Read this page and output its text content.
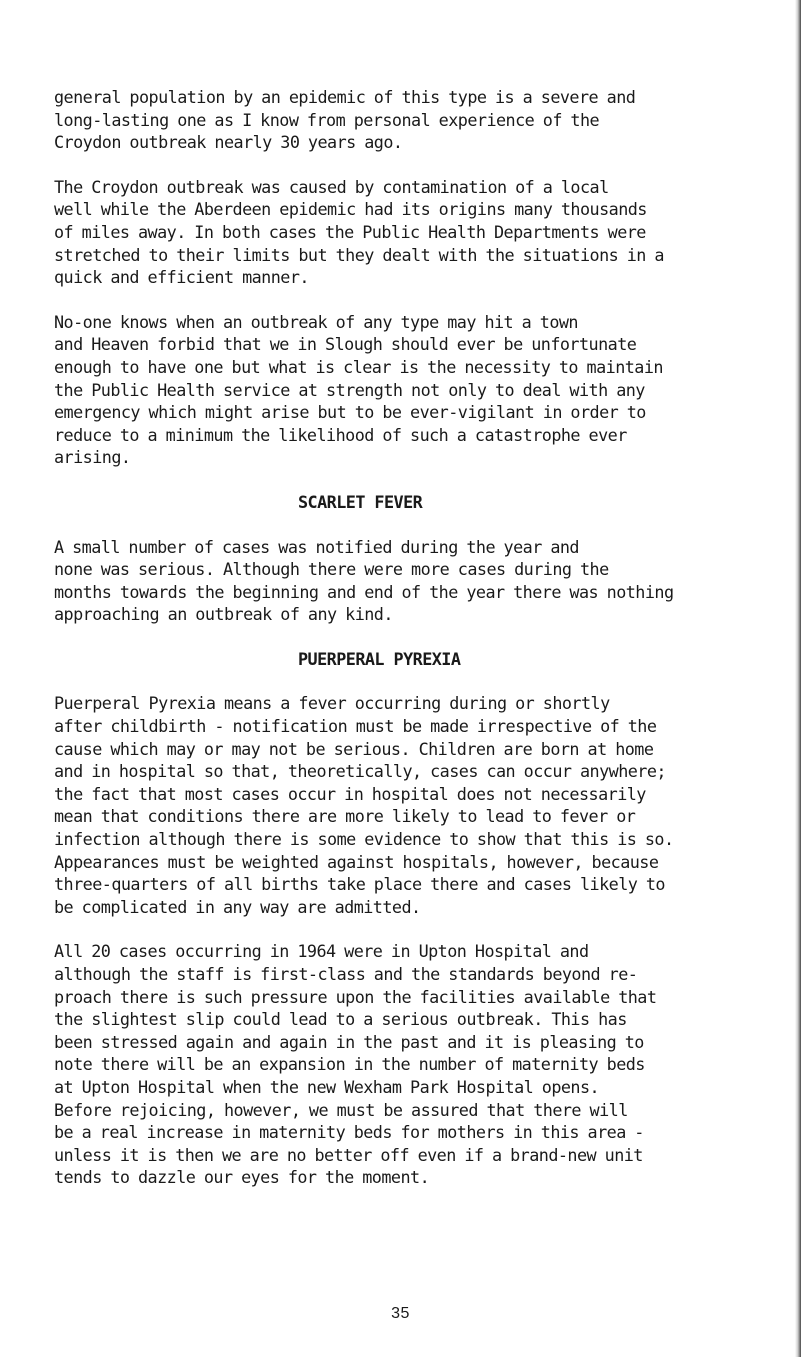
general population by an epidemic of this type is a severe and
long-lasting one as I know from personal experience of the
Croydon outbreak nearly 30 years ago.

The Croydon outbreak was caused by contamination of a local
well while the Aberdeen epidemic had its origins many thousands
of miles away. In both cases the Public Health Departments were
stretched to their limits but they dealt with the situations in a
quick and efficient manner.

No-one knows when an outbreak of any type may hit a town
and Heaven forbid that we in Slough should ever be unfortunate
enough to have one but what is clear is the necessity to maintain
the Public Health service at strength not only to deal with any
emergency which might arise but to be ever-vigilant in order to
reduce to a minimum the likelihood of such a catastrophe ever
arising.

SCARLET FEVER

A small number of cases was notified during the year and
none was serious. Although there were more cases during the
months towards the beginning and end of the year there was nothing
approaching an outbreak of any kind.

PUERPERAL PYREXIA

Puerperal Pyrexia means a fever occurring during or shortly
after childbirth - notification must be made irrespective of the
cause which may or may not be serious. Children are born at home
and in hospital so that, theoretically, cases can occur anywhere;
the fact that most cases occur in hospital does not necessarily
mean that conditions there are more likely to lead to fever or
infection although there is some evidence to show that this is so.
Appearances must be weighted against hospitals, however, because
three-quarters of all births take place there and cases likely to
be complicated in any way are admitted.

All 20 cases occurring in 1964 were in Upton Hospital and
although the staff is first-class and the standards beyond re-
proach there is such pressure upon the facilities available that
the slightest slip could lead to a serious outbreak. This has
been stressed again and again in the past and it is pleasing to
note there will be an expansion in the number of maternity beds
at Upton Hospital when the new Wexham Park Hospital opens.
Before rejoicing, however, we must be assured that there will
be a real increase in maternity beds for mothers in this area -
unless it is then we are no better off even if a brand-new unit
tends to dazzle our eyes for the moment.

35
